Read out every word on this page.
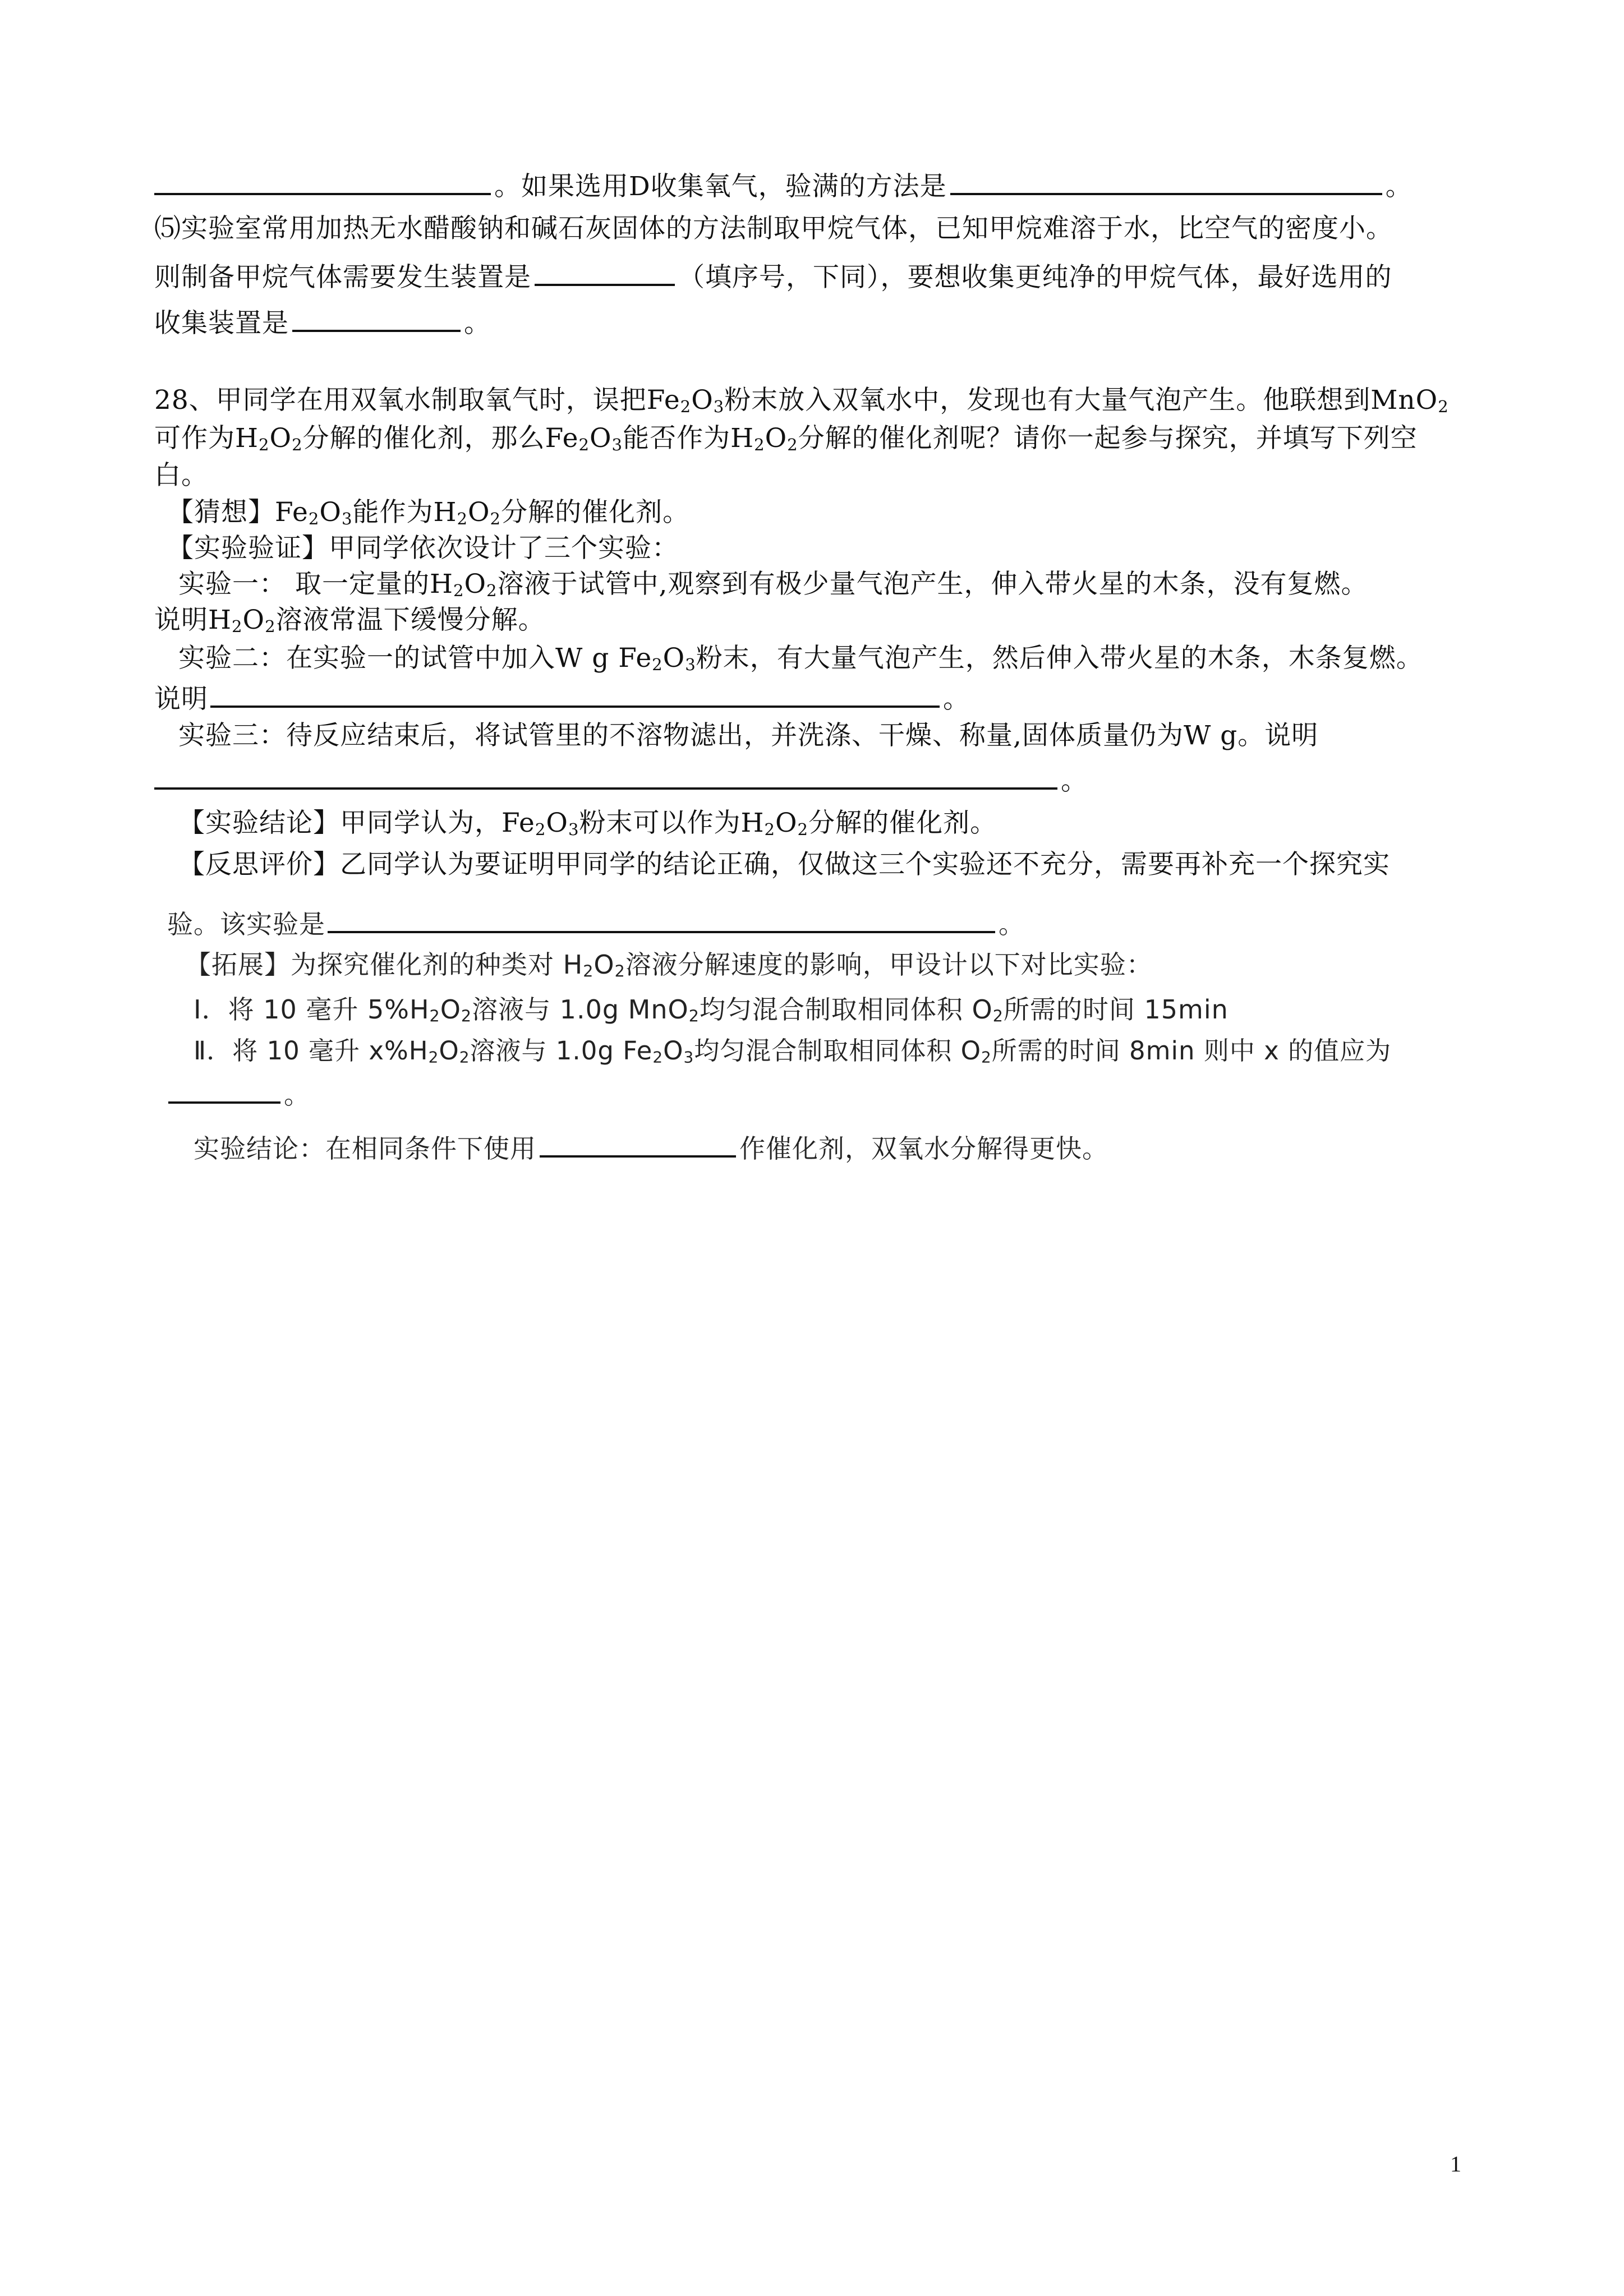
。如果选用D收集氧气，验满的方法是	。
⑸实验室常用加热无水醋酸钠和碱石灰固体的方法制取甲烷气体，已知甲烷难溶于水，比空气的密度小。
则制备甲烷气体需要发生装置是	（填序号，下同），要想收集更纯净的甲烷气体，最好选用的
收集装置是	。
28、甲同学在用双氧水制取氧气时，误把$Fe_2O_3$粉末放入双氧水中，发现也有大量气泡产生。他联想到MnO$_2$
可作为$H_2O_2$分解的催化剂，那么$Fe_2O_3$能否作为$H_2O_2$分解的催化剂呢？请你一起参与探究，并填写下列空
白。
【猜想】$Fe_2O_3$能作为$H_2O_2$分解的催化剂。
【实验验证】甲同学依次设计了三个实验：
实验一： 取一定量的$H_2O_2$溶液于试管中,观察到有极少量气泡产生，伸入带火星的木条，没有复燃。
说明$H_2O_2$溶液常温下缓慢分解。
实验二：在实验一的试管中加入W g $Fe_2O_3$粉末，有大量气泡产生，然后伸入带火星的木条，木条复燃。
说明	。
实验三：待反应结束后，将试管里的不溶物滤出，并洗涤、干燥、称量,固体质量仍为W g。说明
。
【实验结论】甲同学认为，$Fe_2O_3$粉末可以作为$H_2O_2$分解的催化剂。
【反思评价】乙同学认为要证明甲同学的结论正确，仅做这三个实验还不充分，需要再补充一个探究实
验。该实验是	。
【拓展】为探究催化剂的种类对 $H_2O_2$溶液分解速度的影响，甲设计以下对比实验：
Ⅰ．将 10 毫升 $5\%H_2O_2$溶液与 1.0g MnO$_2$均匀混合制取相同体积 $O_2$所需的时间 15min
Ⅱ．将 10 毫升 $x\%H_2O_2$溶液与 1.0g $Fe_2O_3$均匀混合制取相同体积 $O_2$所需的时间 8min 则中 x 的值应为
。
实验结论：在相同条件下使用	作催化剂，双氧水分解得更快。
1
